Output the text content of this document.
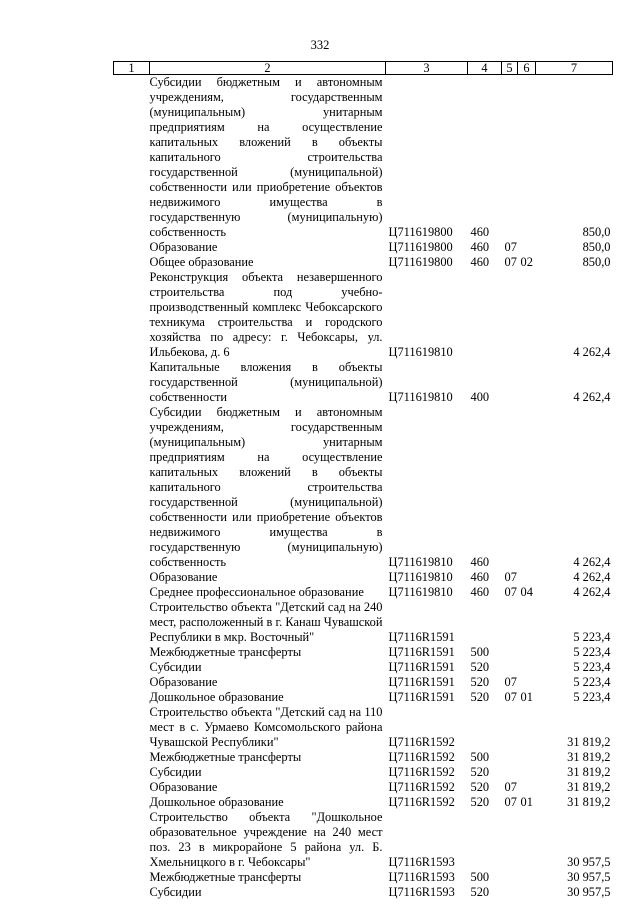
332
1	2	3	4	5	6	7

	Субсидии бюджетным и автономным учреждениям, государственным (муниципальным) унитарным предприятиям на осуществление капитальных вложений в объекты капитального строительства государственной (муниципальной) собственности или приобретение объектов недвижимого имущества в государственную (муниципальную) собственность	Ц711619800	460			850,0

	Образование	Ц711619800	460	07		850,0

	Общее образование	Ц711619800	460	07	02	850,0

	Реконструкция объекта незавершенного строительства под учебно-производственный комплекс Чебоксарского техникума строительства и городского хозяйства по адресу: г. Чебоксары, ул. Ильбекова, д. 6	Ц711619810				4 262,4

	Капитальные вложения в объекты государственной (муниципальной) собственности	Ц711619810	400			4 262,4

	Субсидии бюджетным и автономным учреждениям, государственным (муниципальным) унитарным предприятиям на осуществление капитальных вложений в объекты капитального строительства государственной (муниципальной) собственности или приобретение объектов недвижимого имущества в государственную (муниципальную) собственность	Ц711619810	460			4 262,4

	Образование	Ц711619810	460	07		4 262,4

	Среднее профессиональное образование	Ц711619810	460	07	04	4 262,4

	Строительство объекта "Детский сад на 240 мест, расположенный в г. Канаш Чувашской Республики в мкр. Восточный"	Ц7116R1591				5 223,4

	Межбюджетные трансферты	Ц7116R1591	500			5 223,4

	Субсидии	Ц7116R1591	520			5 223,4

	Образование	Ц7116R1591	520	07		5 223,4

	Дошкольное образование	Ц7116R1591	520	07	01	5 223,4

	Строительство объекта "Детский сад на 110 мест в с. Урмаево Комсомольского района Чувашской Республики"	Ц7116R1592				31 819,2

	Межбюджетные трансферты	Ц7116R1592	500			31 819,2

	Субсидии	Ц7116R1592	520			31 819,2

	Образование	Ц7116R1592	520	07		31 819,2

	Дошкольное образование	Ц7116R1592	520	07	01	31 819,2

	Строительство объекта "Дошкольное образовательное учреждение на 240 мест поз. 23 в микрорайоне 5 района ул. Б. Хмельницкого в г. Чебоксары"	Ц7116R1593				30 957,5

	Межбюджетные трансферты	Ц7116R1593	500			30 957,5

	Субсидии	Ц7116R1593	520			30 957,5
